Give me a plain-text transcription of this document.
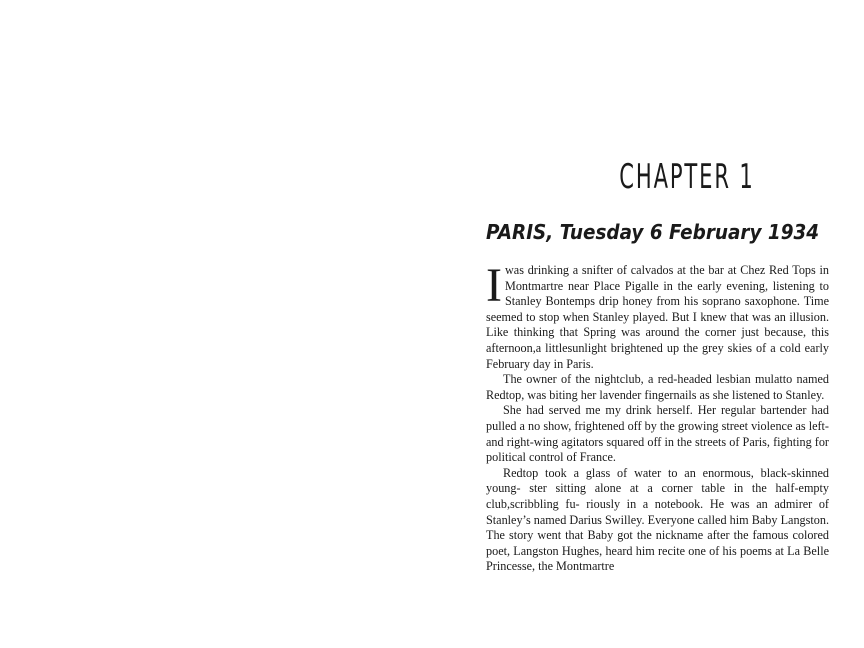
CHAPTER 1
PARIS, Tuesday 6 February 1934

Iwas drinking a snifter of calvados at the bar at Chez Red Tops in Montmartre near Place Pigalle in the early evening, listening to Stanley Bontemps drip honey from his soprano saxophone. Time seemed to stop when Stanley played. But I knew that was an illusion. Like thinking that Spring was around the corner just because, this afternoon,a littlesunlight brightened up the grey skies of a cold early February day in Paris.

The owner of the nightclub, a red-headed lesbian mulatto named Redtop, was biting her lavender fingernails as she listened to Stanley.

She had served me my drink herself. Her regular bartender had pulled a no show, frightened off by the growing street violence as left- and right-wing agitators squared off in the streets of Paris, fighting for political control of France.

Redtop took a glass of water to an enormous, black-skinned young- ster sitting alone at a corner table in the half-empty club,scribbling fu- riously in a notebook. He was an admirer of Stanley’s named Darius Swilley. Everyone called him Baby Langston. The story went that Baby got the nickname after the famous colored poet, Langston Hughes, heard him recite one of his poems at La Belle Princesse, the Montmartre
